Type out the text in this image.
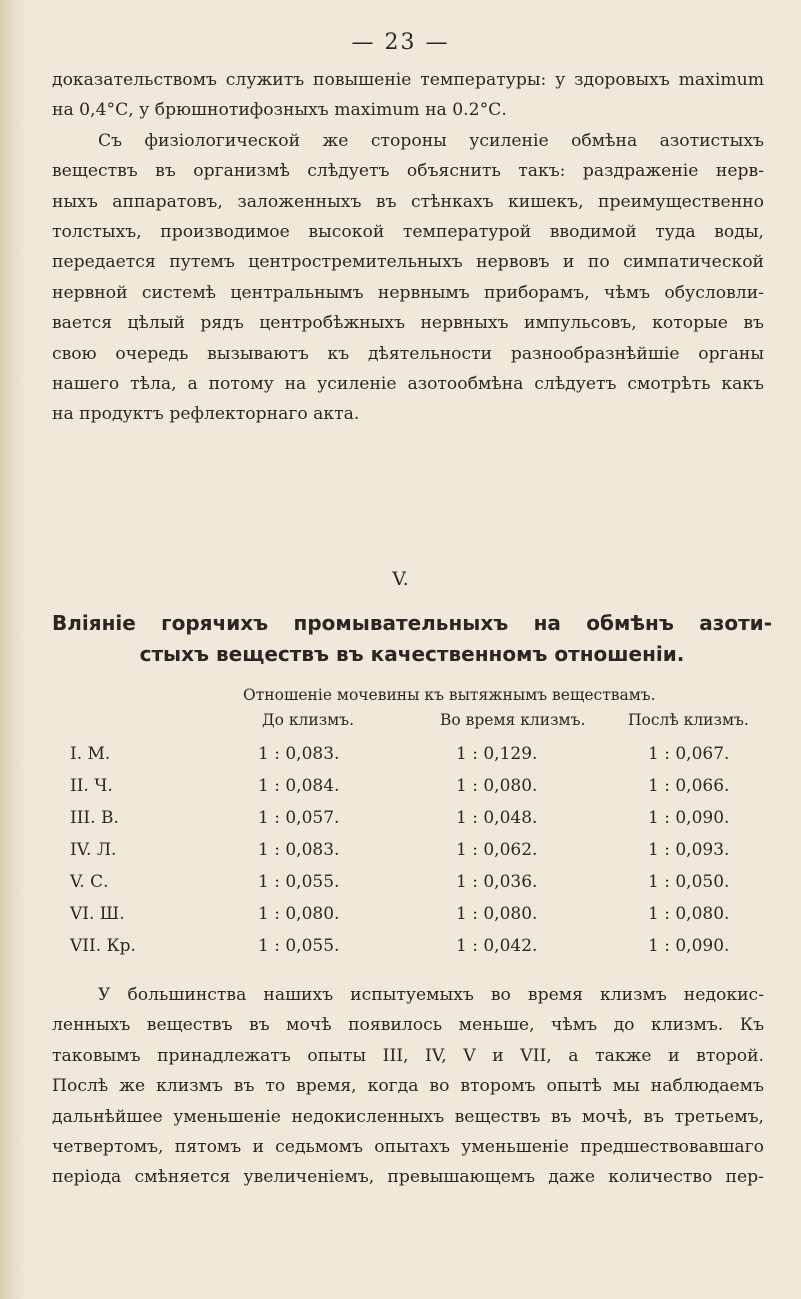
— 23 —
доказательствомъ служитъ повышеніе температуры: у здоровыхъ maximum
на 0,4°С, у брюшнотифозныхъ maximum на 0.2°С.
Съ физіологической же стороны усиленіе обмѣна азотистыхъ
веществъ въ организмѣ слѣдуетъ объяснить такъ: раздраженіе нерв-
ныхъ аппаратовъ, заложенныхъ въ стѣнкахъ кишекъ, преимущественно
толстыхъ, производимое высокой температурой вводимой туда воды,
передается путемъ центростремительныхъ нервовъ и по симпатической
нервной системѣ центральнымъ нервнымъ приборамъ, чѣмъ обусловли-
вается цѣлый рядъ центробѣжныхъ нервныхъ импульсовъ, которые въ
свою очередь вызываютъ къ дѣятельности разнообразнѣйшіе органы
нашего тѣла, а потому на усиленіе азотообмѣна слѣдуетъ смотрѣть какъ
на продуктъ рефлекторнаго акта.
V.
Вліяніе горячихъ промывательныхъ на обмѣнъ азоти-
стыхъ веществъ въ качественномъ отношеніи.
Отношеніе мочевины къ вытяжнымъ веществамъ.
До клизмъ.	Во время клизмъ.	Послѣ клизмъ.
I. М.	1 : 0,083.	1 : 0,129.	1 : 0,067.
II. Ч.	1 : 0,084.	1 : 0,080.	1 : 0,066.
III. В.	1 : 0,057.	1 : 0,048.	1 : 0,090.
IV. Л.	1 : 0,083.	1 : 0,062.	1 : 0,093.
V. С.	1 : 0,055.	1 : 0,036.	1 : 0,050.
VI. Ш.	1 : 0,080.	1 : 0,080.	1 : 0,080.
VII. Кр.	1 : 0,055.	1 : 0,042.	1 : 0,090.
У большинства нашихъ испытуемыхъ во время клизмъ недокис-
ленныхъ веществъ въ мочѣ появилось меньше, чѣмъ до клизмъ. Къ
таковымъ принадлежатъ опыты III, IV, V и VII, а также и второй.
Послѣ же клизмъ въ то время, когда во второмъ опытѣ мы наблюдаемъ
дальнѣйшее уменьшеніе недокисленныхъ веществъ въ мочѣ, въ третьемъ,
четвертомъ, пятомъ и седьмомъ опытахъ уменьшеніе предшествовавшаго
періода смѣняется увеличеніемъ, превышающемъ даже количество пер-
